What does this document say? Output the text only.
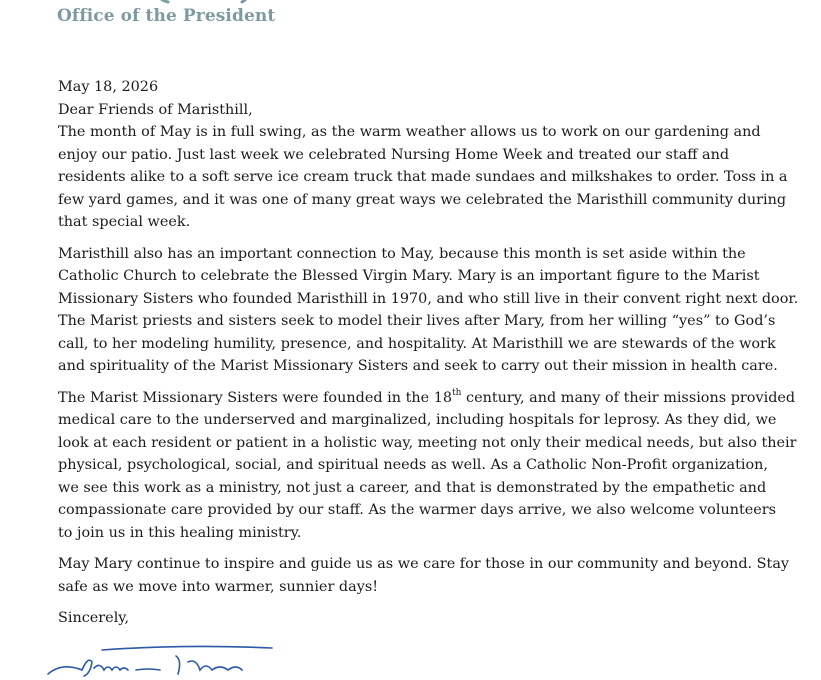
Office of the President

May 18, 2026

Dear Friends of Maristhill,

The month of May is in full swing, as the warm weather allows us to work on our gardening and
enjoy our patio. Just last week we celebrated Nursing Home Week and treated our staff and
residents alike to a soft serve ice cream truck that made sundaes and milkshakes to order. Toss in a
few yard games, and it was one of many great ways we celebrated the Maristhill community during
that special week.

Maristhill also has an important connection to May, because this month is set aside within the
Catholic Church to celebrate the Blessed Virgin Mary. Mary is an important figure to the Marist
Missionary Sisters who founded Maristhill in 1970, and who still live in their convent right next door.
The Marist priests and sisters seek to model their lives after Mary, from her willing “yes” to God’s
call, to her modeling humility, presence, and hospitality. At Maristhill we are stewards of the work
and spirituality of the Marist Missionary Sisters and seek to carry out their mission in health care.

The Marist Missionary Sisters were founded in the 18th century, and many of their missions provided
medical care to the underserved and marginalized, including hospitals for leprosy. As they did, we
look at each resident or patient in a holistic way, meeting not only their medical needs, but also their
physical, psychological, social, and spiritual needs as well. As a Catholic Non-Profit organization,
we see this work as a ministry, not just a career, and that is demonstrated by the empathetic and
compassionate care provided by our staff. As the warmer days arrive, we also welcome volunteers
to join us in this healing ministry.

May Mary continue to inspire and guide us as we care for those in our community and beyond. Stay
safe as we move into warmer, sunnier days!

Sincerely,
